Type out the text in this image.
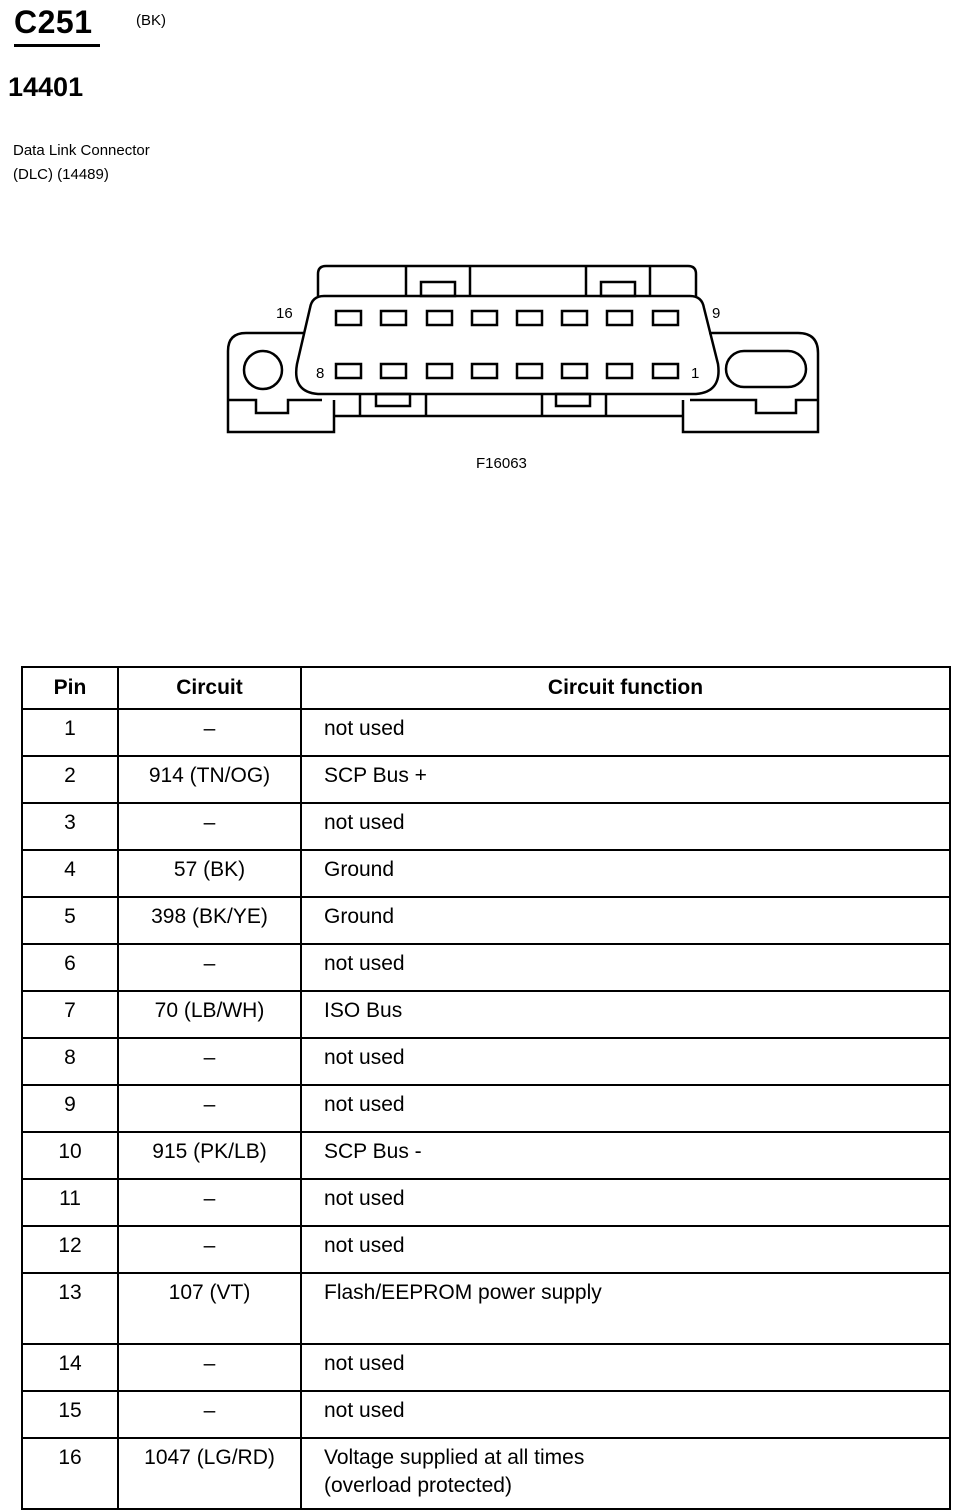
C251	(BK)
14401
Data Link Connector
(DLC) (14489)
16	9
8	1
F16063
Pin	Circuit	Circuit function
1	–	not used
2	914 (TN/OG)	SCP Bus +
3	–	not used
4	57 (BK)	Ground
5	398 (BK/YE)	Ground
6	–	not used
7	70 (LB/WH)	ISO Bus
8	–	not used
9	–	not used
10	915 (PK/LB)	SCP Bus -
11	–	not used
12	–	not used
13	107 (VT)	Flash/EEPROM power supply
14	–	not used
15	–	not used
16	1047 (LG/RD)	Voltage supplied at all times
(overload protected)
